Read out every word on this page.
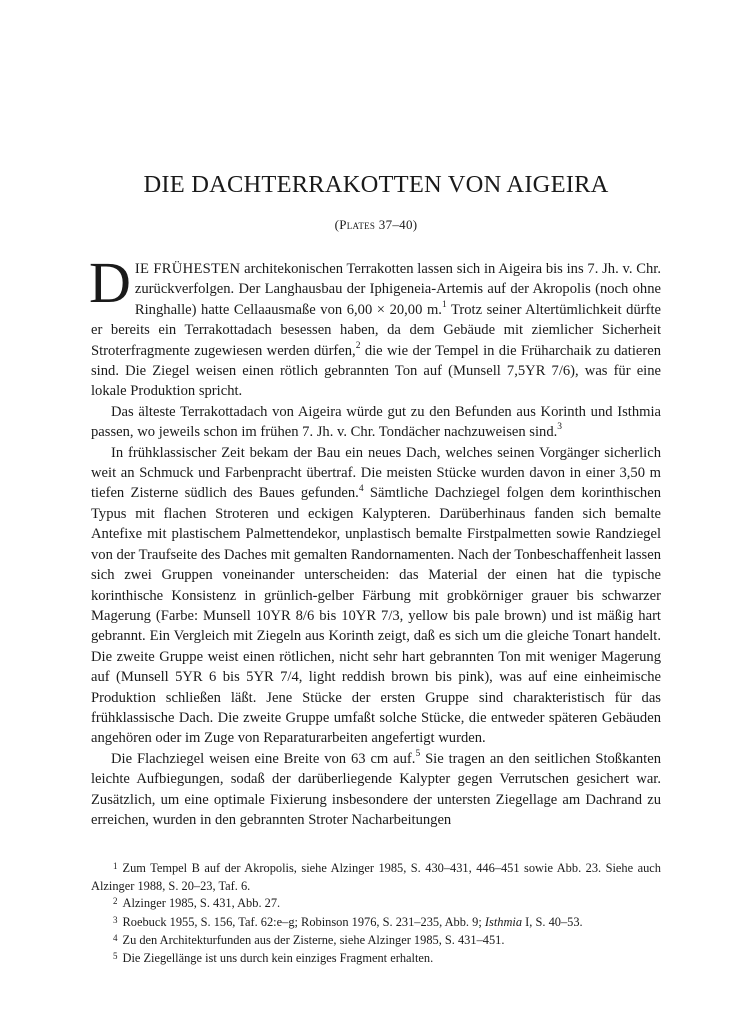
DIE DACHTERRAKOTTEN VON AIGEIRA
(Plates 37–40)

DIE FRÜHESTEN architekonischen Terrakotten lassen sich in Aigeira bis ins 7. Jh. v. Chr. zurückverfolgen. Der Langhausbau der Iphigeneia-Artemis auf der Akropolis (noch ohne Ringhalle) hatte Cellaausmaße von 6,00 × 20,00 m.$^1$ Trotz seiner Altertümlichkeit dürfte er bereits ein Terrakottadach besessen haben, da dem Gebäude mit ziemlicher Sicherheit Stroterfragmente zugewiesen werden dürfen,$^2$ die wie der Tempel in die Früharchaik zu datieren sind. Die Ziegel weisen einen rötlich gebrannten Ton auf (Munsell 7,5YR 7/6), was für eine lokale Produktion spricht.

Das älteste Terrakottadach von Aigeira würde gut zu den Befunden aus Korinth und Isthmia passen, wo jeweils schon im frühen 7. Jh. v. Chr. Tondächer nachzuweisen sind.$^3$

In frühklassischer Zeit bekam der Bau ein neues Dach, welches seinen Vorgänger sicherlich weit an Schmuck und Farbenpracht übertraf. Die meisten Stücke wurden davon in einer 3,50 m tiefen Zisterne südlich des Baues gefunden.$^4$ Sämtliche Dachziegel folgen dem korinthischen Typus mit flachen Stroteren und eckigen Kalypteren. Darüberhinaus fanden sich bemalte Antefixe mit plastischem Palmettendekor, unplastisch bemalte Firstpalmetten sowie Randziegel von der Traufseite des Daches mit gemalten Randornamenten. Nach der Tonbeschaffenheit lassen sich zwei Gruppen voneinander unterscheiden: das Material der einen hat die typische korinthische Konsistenz in grünlich-gelber Färbung mit grobkörniger grauer bis schwarzer Magerung (Farbe: Munsell 10YR 8/6 bis 10YR 7/3, yellow bis pale brown) und ist mäßig hart gebrannt. Ein Vergleich mit Ziegeln aus Korinth zeigt, daß es sich um die gleiche Tonart handelt. Die zweite Gruppe weist einen rötlichen, nicht sehr hart gebrannten Ton mit weniger Magerung auf (Munsell 5YR 6 bis 5YR 7/4, light reddish brown bis pink), was auf eine einheimische Produktion schließen läßt. Jene Stücke der ersten Gruppe sind charakteristisch für das frühklassische Dach. Die zweite Gruppe umfaßt solche Stücke, die entweder späteren Gebäuden angehören oder im Zuge von Reparaturarbeiten angefertigt wurden.

Die Flachziegel weisen eine Breite von 63 cm auf.$^5$ Sie tragen an den seitlichen Stoßkanten leichte Aufbiegungen, sodaß der darüberliegende Kalypter gegen Verrutschen gesichert war. Zusätzlich, um eine optimale Fixierung insbesondere der untersten Ziegellage am Dachrand zu erreichen, wurden in den gebrannten Stroter Nacharbeitungen

$^1$ Zum Tempel B auf der Akropolis, siehe Alzinger 1985, S. 430–431, 446–451 sowie Abb. 23. Siehe auch Alzinger 1988, S. 20–23, Taf. 6.

$^2$ Alzinger 1985, S. 431, Abb. 27.

$^3$ Roebuck 1955, S. 156, Taf. 62:e–g; Robinson 1976, S. 231–235, Abb. 9; Isthmia I, S. 40–53.

$^4$ Zu den Architekturfunden aus der Zisterne, siehe Alzinger 1985, S. 431–451.

$^5$ Die Ziegellänge ist uns durch kein einziges Fragment erhalten.
